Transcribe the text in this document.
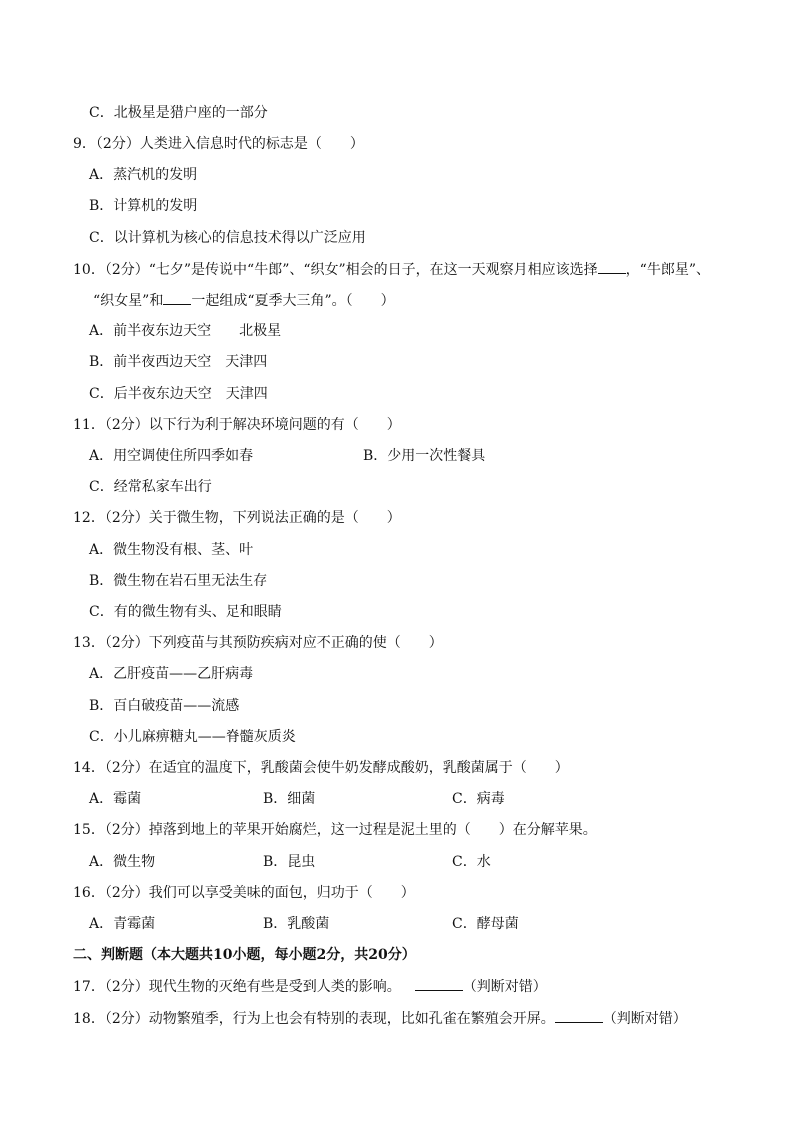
C．北极星是猎户座的一部分
9．（2分）人类进入信息时代的标志是（　　）
A．蒸汽机的发明
B．计算机的发明
C．以计算机为核心的信息技术得以广泛应用
10．（2分）“七夕”是传说中“牛郎”、“织女”相会的日子，在这一天观察月相应该选择 ，“牛郎星”、
“织女星”和 一起组成“夏季大三角”。（　　）
A．前半夜东边天空　　北极星
B．前半夜西边天空　天津四
C．后半夜东边天空　天津四
11．（2分）以下行为利于解决环境问题的有（　　）
A．用空调使住所四季如春	B．少用一次性餐具
C．经常私家车出行
12．（2分）关于微生物，下列说法正确的是（　　）
A．微生物没有根、茎、叶
B．微生物在岩石里无法生存
C．有的微生物有头、足和眼睛
13．（2分）下列疫苗与其预防疾病对应不正确的使（　　）
A．乙肝疫苗——乙肝病毒
B．百白破疫苗——流感
C．小儿麻痹糖丸——脊髓灰质炎
14．（2分）在适宜的温度下，乳酸菌会使牛奶发酵成酸奶，乳酸菌属于（　　）
A．霉菌	B．细菌	C．病毒
15．（2分）掉落到地上的苹果开始腐烂，这一过程是泥土里的（　　）在分解苹果。
A．微生物	B．昆虫	C．水
16．（2分）我们可以享受美味的面包，归功于（　　）
A．青霉菌	B．乳酸菌	C．酵母菌
二、判断题（本大题共10小题，每小题2分，共20分）
17．（2分）现代生物的灭绝有些是受到人类的影响。	（判断对错）
18．（2分）动物繁殖季，行为上也会有特别的表现，比如孔雀在繁殖会开屏。	（判断对错）
